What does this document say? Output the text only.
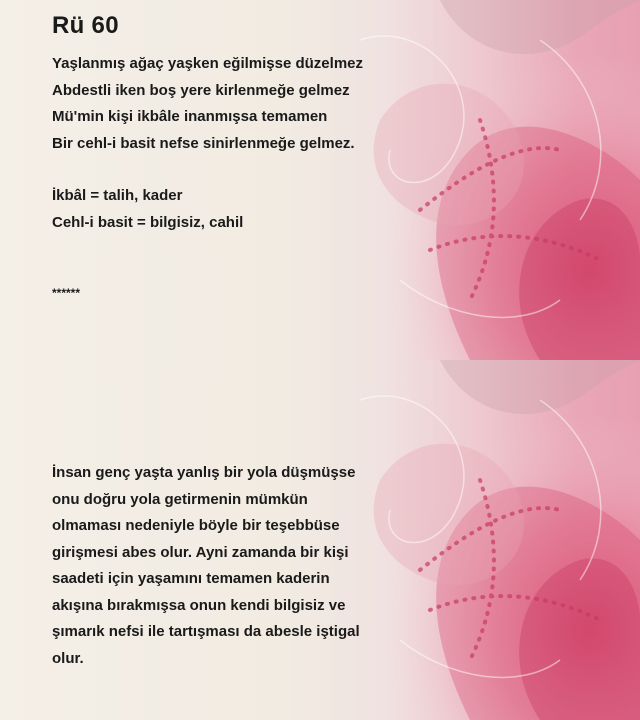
Rü 60
Yaşlanmış ağaç yaşken eğilmişse düzelmez
Abdestli iken boş yere kirlenmeğe gelmez
Mü'min kişi ikbâle inanmışsa temamen
Bir cehl-i basit nefse sinirlenmeğe gelmez.
İkbâl = talih, kader
Cehl-i basit = bilgisiz, cahil
******
İnsan genç yaşta yanlış bir yola düşmüşse
onu doğru yola getirmenin mümkün
olmaması nedeniyle böyle bir teşebbüse
girişmesi abes olur. Ayni zamanda bir kişi
saadeti için yaşamını temamen kaderin
akışına bırakmışsa onun kendi bilgisiz ve
şımarık nefsi ile tartışması da abesle iştigal
olur.
